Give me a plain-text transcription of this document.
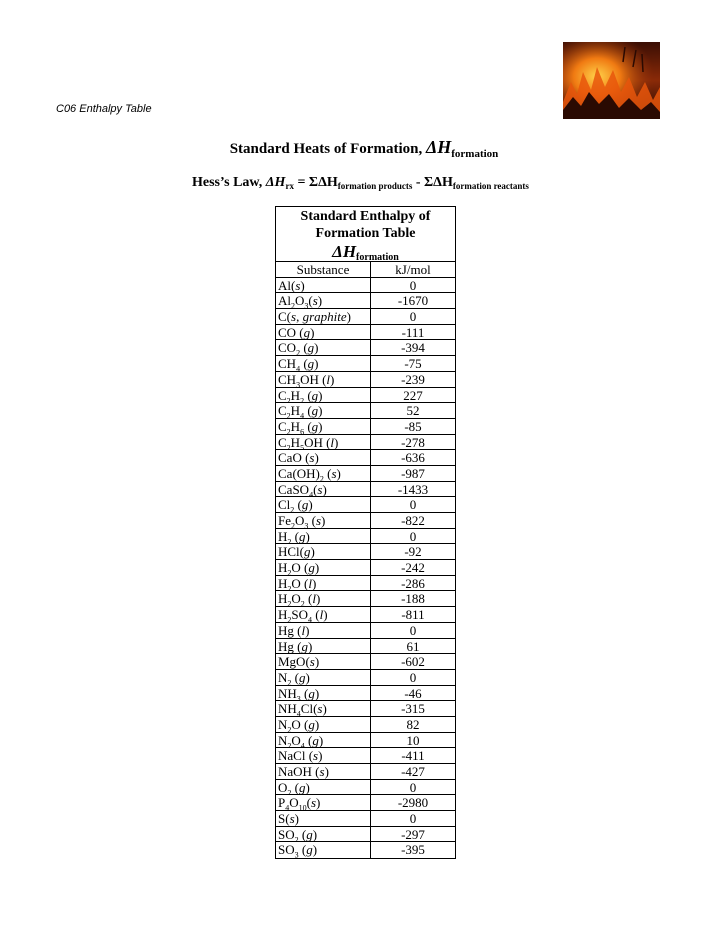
C06 Enthalpy Table
Standard Heats of Formation, $\Delta H_{formation}$
Hess’s Law, $\Delta H_{rx} = \Sigma\Delta H_{formation products} - \Sigma\Delta H_{formation reactants}$
Standard Enthalpy of
Formation Table
$\Delta H_{formation}$
Substance	kJ/mol
Al(s)	0
$Al_2O_3(s)$	-1670
C(s, graphite)	0
CO (g)	-111
$CO_2$ (g)	-394
$CH_4$ (g)	-75
$CH_3OH$ (l)	-239
$C_2H_2$ (g)	227
$C_2H_4$ (g)	52
$C_2H_6$ (g)	-85
$C_2H_5OH$ (l)	-278
CaO (s)	-636
$Ca(OH)_2$ (s)	-987
CaSO$_4$(s)	-1433
$Cl_2$ (g)	0
$Fe_2O_3$ (s)	-822
$H_2$ (g)	0
HCl(g)	-92
$H_2O$ (g)	-242
$H_2O$ (l)	-286
$H_2O_2$ (l)	-188
$H_2SO_4$ (l)	-811
Hg (l)	0
Hg (g)	61
MgO(s)	-602
$N_2$ (g)	0
$NH_3$ (g)	-46
$NH_4Cl(s)$	-315
$N_2O$ (g)	82
$N_2O_4$ (g)	10
NaCl (s)	-411
NaOH (s)	-427
$O_2$ (g)	0
$P_4O_{10}(s)$	-2980
S(s)	0
$SO_2$ (g)	-297
$SO_3$ (g)	-395
